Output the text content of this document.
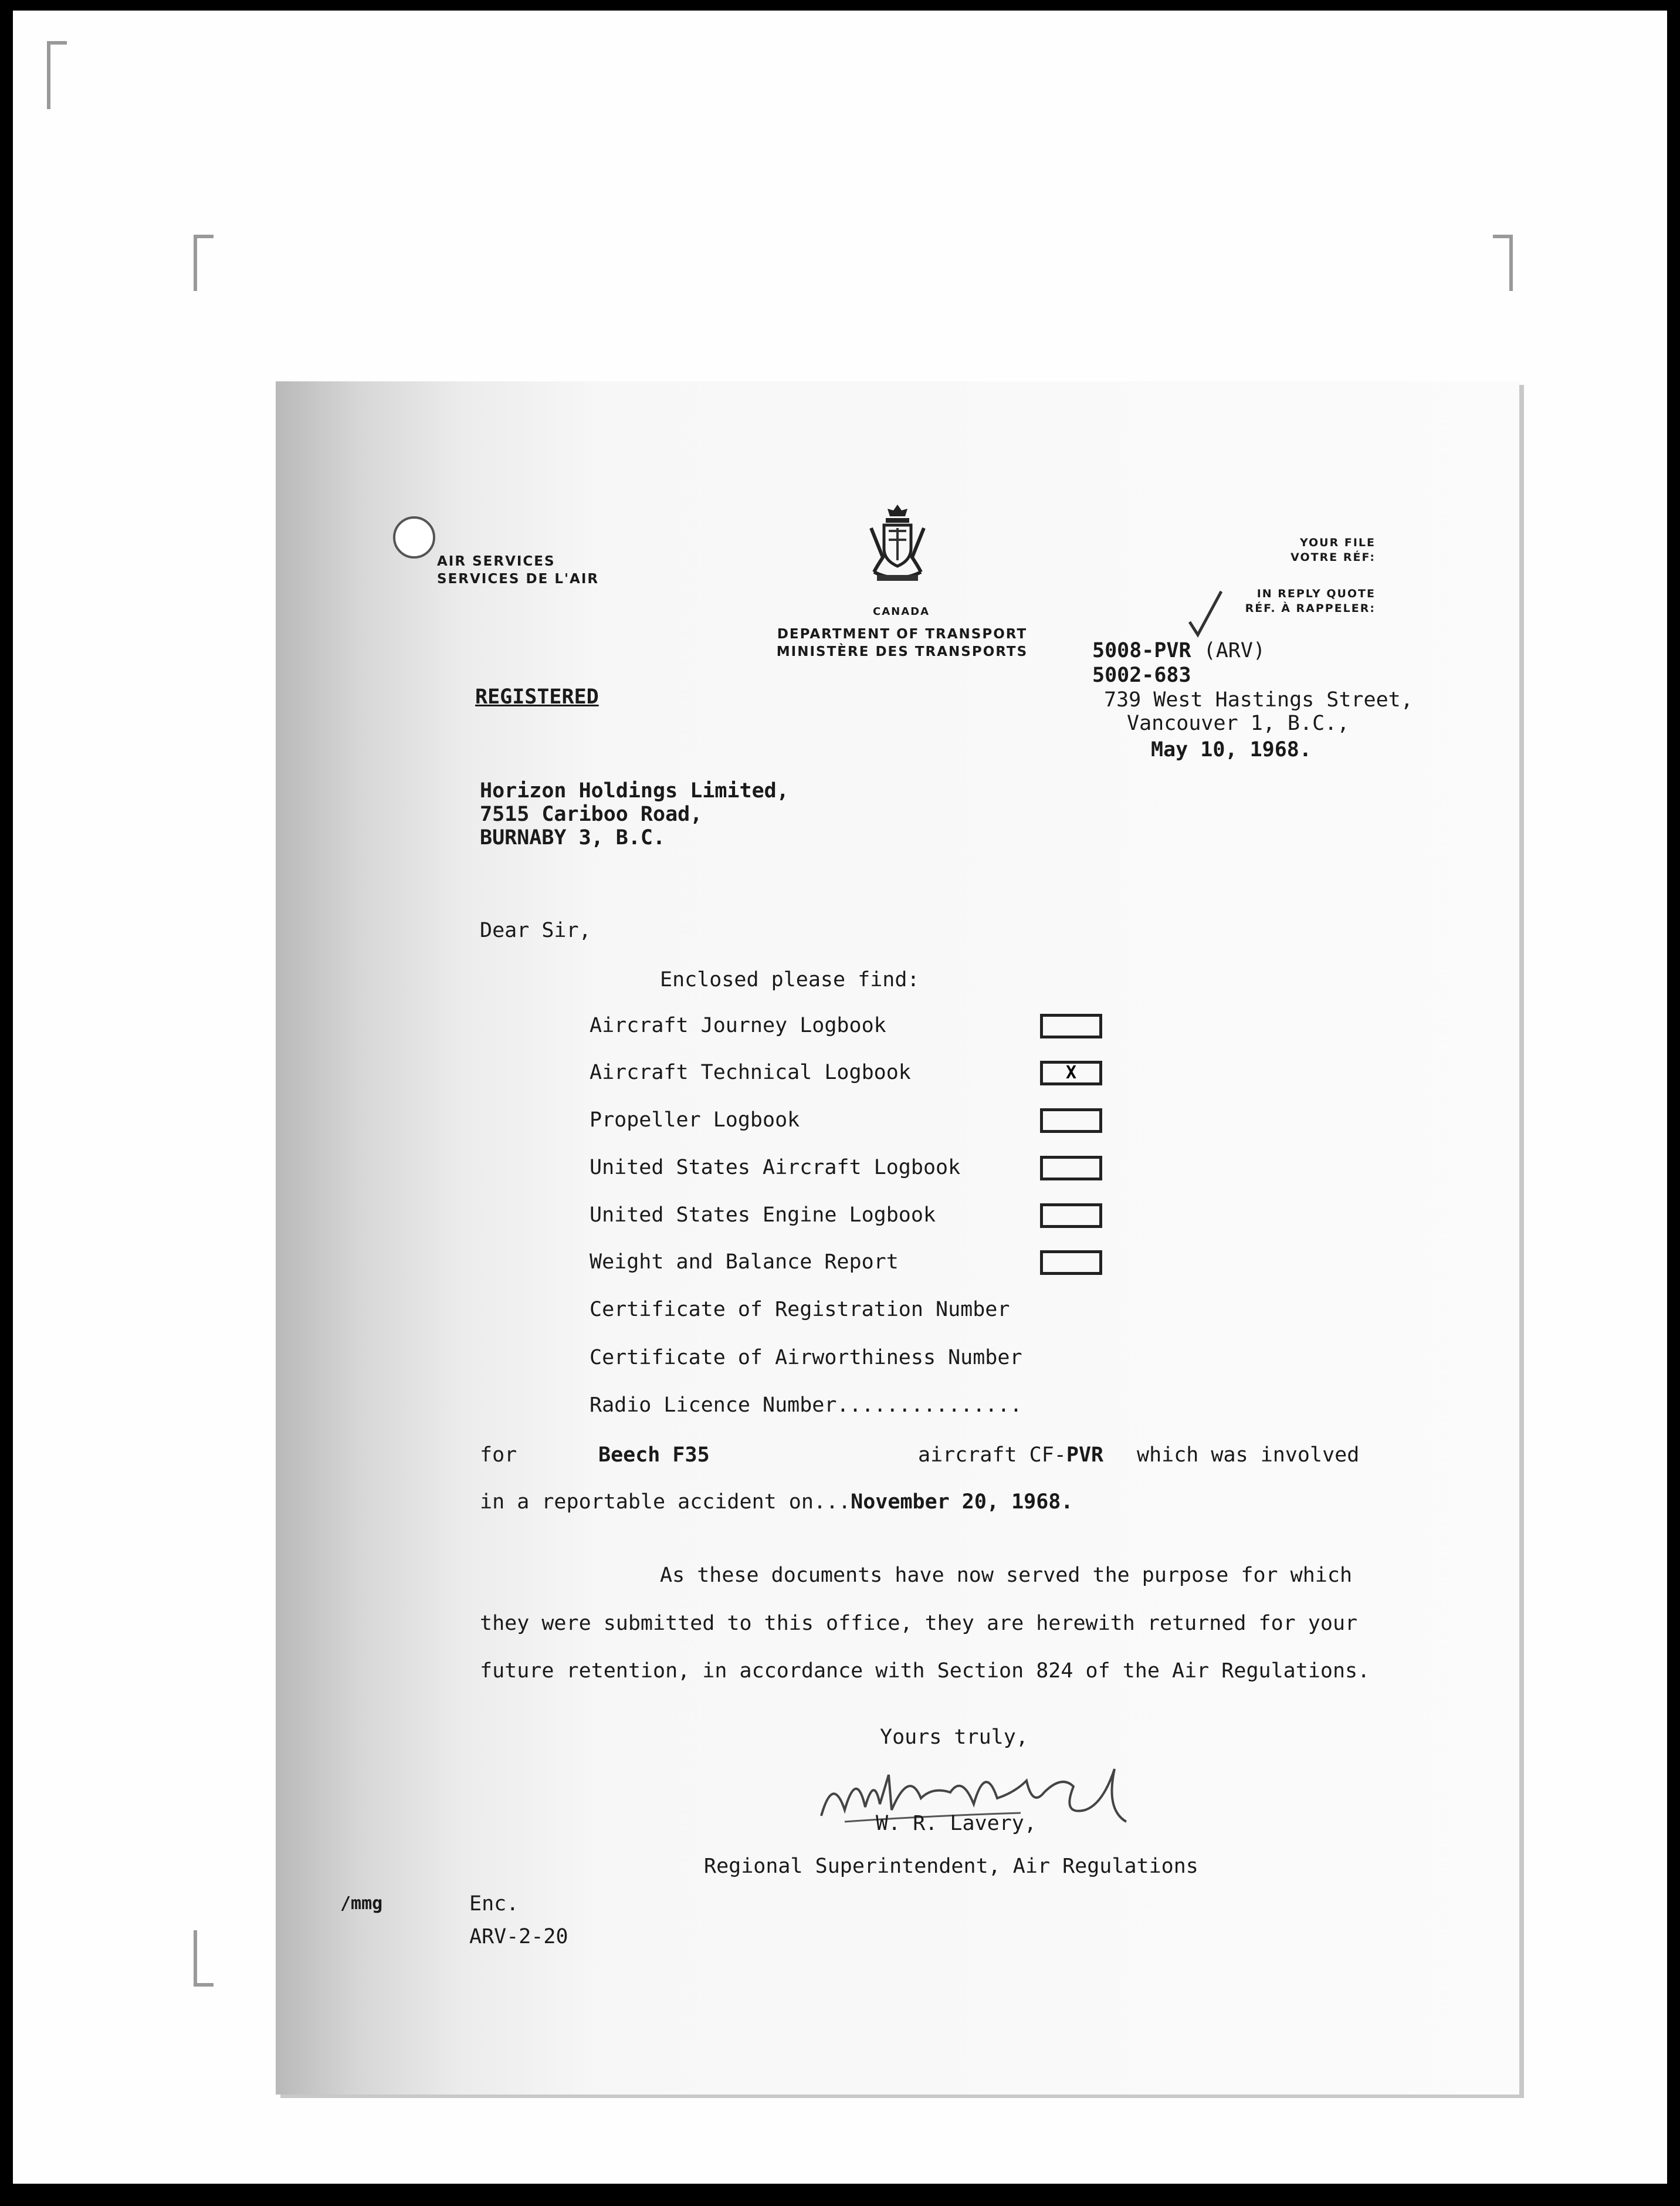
AIR SERVICES
SERVICES DE L'AIR
CANADA
DEPARTMENT OF TRANSPORT
MINISTÈRE DES TRANSPORTS
YOUR FILE
VOTRE RÉF:
IN REPLY QUOTE
RÉF. À RAPPELER:
5008-PVR (ARV)
5002-683
739 West Hastings Street,
Vancouver 1, B.C.,
May 10, 1968.
REGISTERED
Horizon Holdings Limited,
7515 Cariboo Road,
BURNABY 3, B.C.
Dear Sir,
Enclosed please find:
Aircraft Journey Logbook
Aircraft Technical Logbook	X
Propeller Logbook
United States Aircraft Logbook
United States Engine Logbook
Weight and Balance Report
Certificate of Registration Number
Certificate of Airworthiness Number
Radio Licence Number...............
for	Beech F35	aircraft CF-PVR which was involved
in a reportable accident on...November 20, 1968.
As these documents have now served the purpose for which
they were submitted to this office, they are herewith returned for your
future retention, in accordance with Section 824 of the Air Regulations.
Yours truly,
W. R. Lavery,
Regional Superintendent, Air Regulations
/mmg	Enc.
ARV-2-20
